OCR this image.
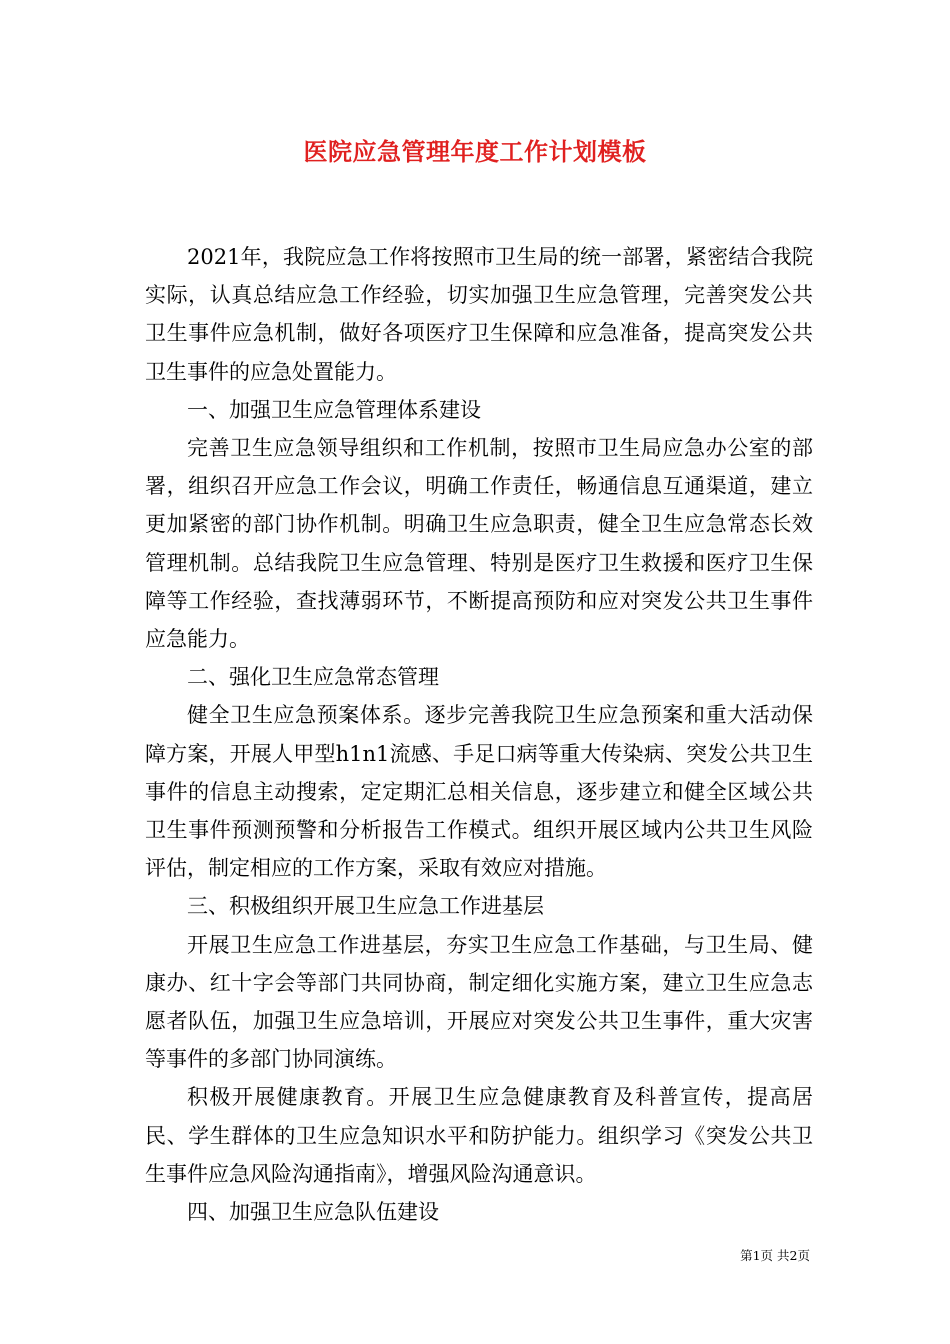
医院应急管理年度工作计划模板

2021年，我院应急工作将按照市卫生局的统一部署，紧密结合我院实际，认真总结应急工作经验，切实加强卫生应急管理，完善突发公共卫生事件应急机制，做好各项医疗卫生保障和应急准备，提高突发公共卫生事件的应急处置能力。

一、加强卫生应急管理体系建设

完善卫生应急领导组织和工作机制，按照市卫生局应急办公室的部署，组织召开应急工作会议，明确工作责任，畅通信息互通渠道，建立更加紧密的部门协作机制。明确卫生应急职责，健全卫生应急常态长效管理机制。总结我院卫生应急管理、特别是医疗卫生救援和医疗卫生保障等工作经验，查找薄弱环节，不断提高预防和应对突发公共卫生事件应急能力。

二、强化卫生应急常态管理

健全卫生应急预案体系。逐步完善我院卫生应急预案和重大活动保障方案，开展人甲型h1n1流感、手足口病等重大传染病、突发公共卫生事件的信息主动搜索，定定期汇总相关信息，逐步建立和健全区域公共卫生事件预测预警和分析报告工作模式。组织开展区域内公共卫生风险评估，制定相应的工作方案，采取有效应对措施。

三、积极组织开展卫生应急工作进基层

开展卫生应急工作进基层，夯实卫生应急工作基础，与卫生局、健康办、红十字会等部门共同协商，制定细化实施方案，建立卫生应急志愿者队伍，加强卫生应急培训，开展应对突发公共卫生事件，重大灾害等事件的多部门协同演练。

积极开展健康教育。开展卫生应急健康教育及科普宣传，提高居民、学生群体的卫生应急知识水平和防护能力。组织学习《突发公共卫生事件应急风险沟通指南》，增强风险沟通意识。

四、加强卫生应急队伍建设

第1页 共2页
